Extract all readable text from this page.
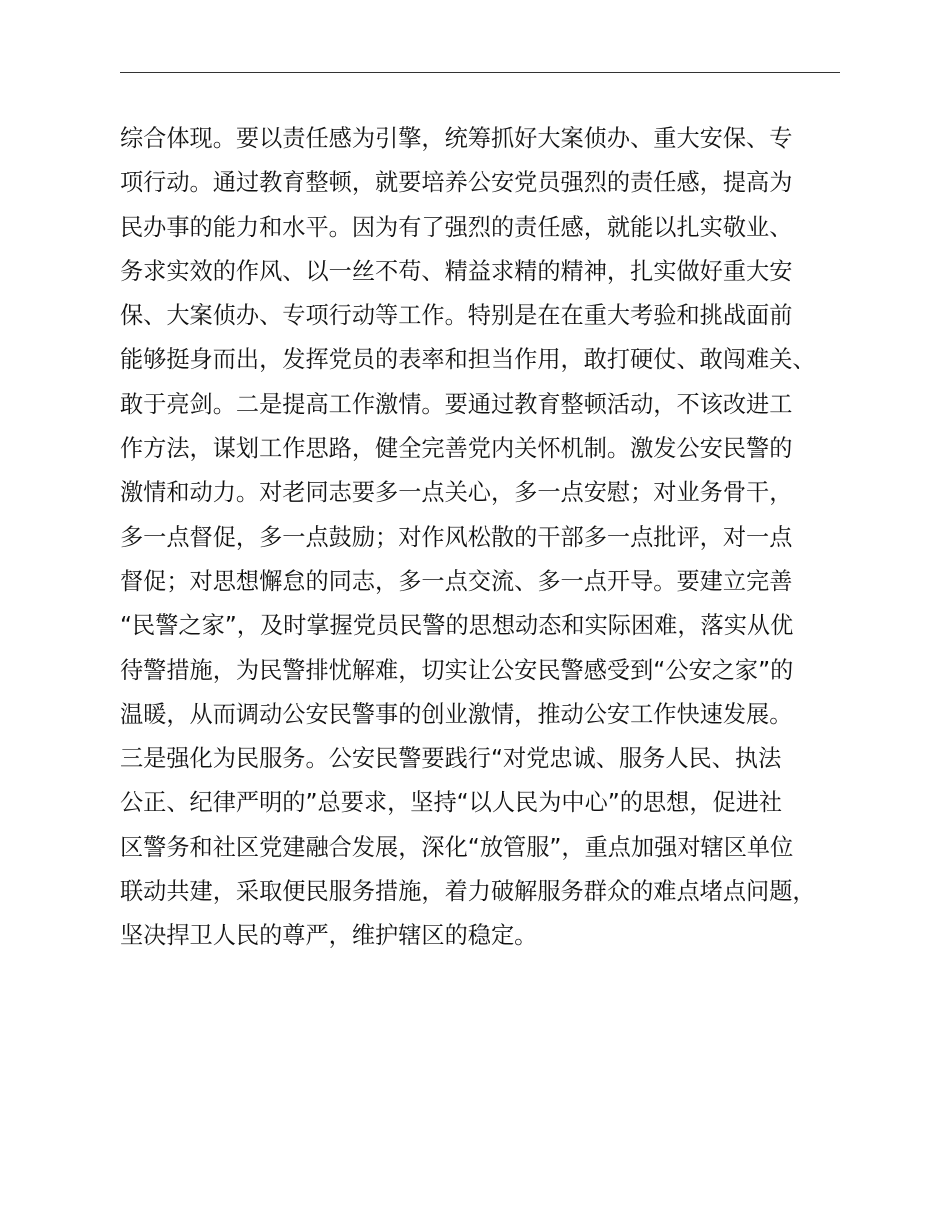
综合体现。要以责任感为引擎，统筹抓好大案侦办、重大安保、专
项行动。通过教育整顿，就要培养公安党员强烈的责任感，提高为
民办事的能力和水平。因为有了强烈的责任感，就能以扎实敬业、
务求实效的作风、以一丝不苟、精益求精的精神，扎实做好重大安
保、大案侦办、专项行动等工作。特别是在在重大考验和挑战面前
能够挺身而出，发挥党员的表率和担当作用，敢打硬仗、敢闯难关、
敢于亮剑。二是提高工作激情。要通过教育整顿活动，不该改进工
作方法，谋划工作思路，健全完善党内关怀机制。激发公安民警的
激情和动力。对老同志要多一点关心，多一点安慰；对业务骨干，
多一点督促，多一点鼓励；对作风松散的干部多一点批评，对一点
督促；对思想懈怠的同志，多一点交流、多一点开导。要建立完善
“民警之家”，及时掌握党员民警的思想动态和实际困难，落实从优
待警措施，为民警排忧解难，切实让公安民警感受到“公安之家”的
温暖，从而调动公安民警事的创业激情，推动公安工作快速发展。
三是强化为民服务。公安民警要践行“对党忠诚、服务人民、执法
公正、纪律严明的”总要求，坚持“以人民为中心”的思想，促进社
区警务和社区党建融合发展，深化“放管服”，重点加强对辖区单位
联动共建，采取便民服务措施，着力破解服务群众的难点堵点问题，
坚决捍卫人民的尊严，维护辖区的稳定。
